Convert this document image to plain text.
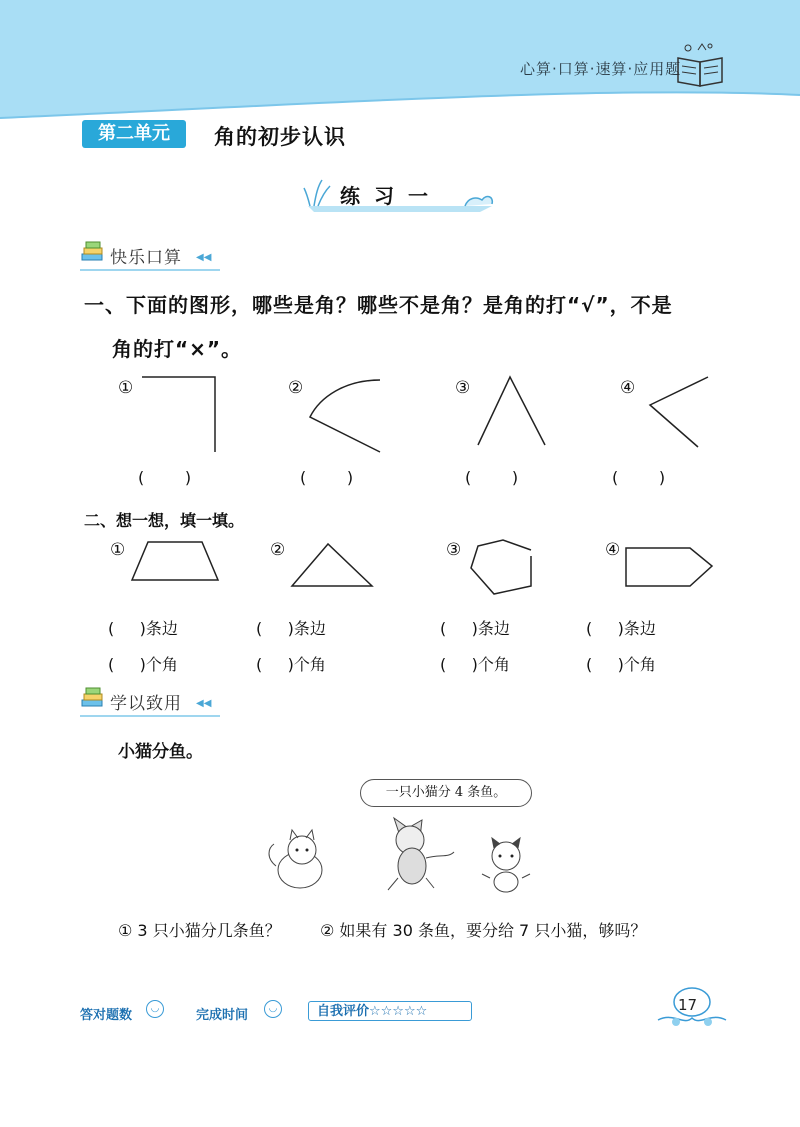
心算·口算·速算·应用题
第二单元	角的初步认识
练习一
快乐口算 ◀◀
一、下面的图形，哪些是角？哪些不是角？是角的打“√”，不是
角的打“×”。
①	②	③	④
(        )	(        )	(        )	(        )
二、想一想，填一填。
①	②	③	④
(     )条边	(     )条边	(     )条边	(     )条边
(     )个角	(     )个角	(     )个角	(     )个角
学以致用 ◀◀
小猫分鱼。
一只小猫分 4 条鱼。
① 3 只小猫分几条鱼？ ② 如果有 30 条鱼，要分给 7 只小猫，够吗？
答对题数	◡	完成时间	◡	自我评价☆☆☆☆☆	17
